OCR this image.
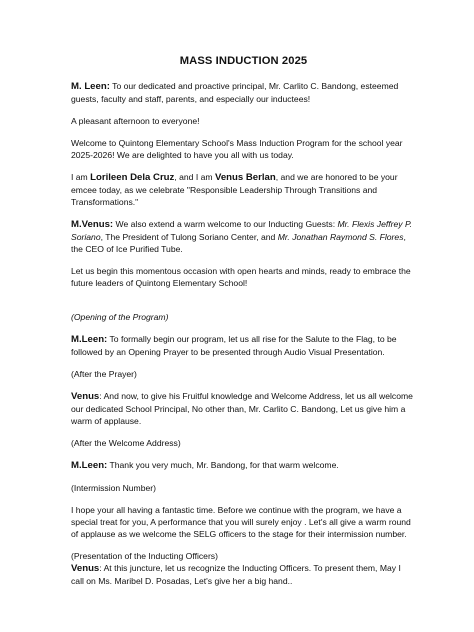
MASS INDUCTION 2025

M. Leen: To our dedicated and proactive principal, Mr. Carlito C. Bandong, esteemed guests, faculty and staff, parents, and especially our inductees!

A pleasant afternoon to everyone!

Welcome to Quintong Elementary School's Mass Induction Program for the school year 2025-2026! We are delighted to have you all with us today.

I am Lorileen Dela Cruz, and I am Venus Berlan, and we are honored to be your emcee today, as we celebrate "Responsible Leadership Through Transitions and Transformations."

M.Venus: We also extend a warm welcome to our Inducting Guests: Mr. Flexis Jeffrey P. Soriano, The President of Tulong Soriano Center, and Mr. Jonathan Raymond S. Flores, the CEO of Ice Purified Tube.

Let us begin this momentous occasion with open hearts and minds, ready to embrace the future leaders of Quintong Elementary School!

(Opening of the Program)

M.Leen: To formally begin our program, let us all rise for the Salute to the Flag, to be followed by an Opening Prayer to be presented through Audio Visual Presentation.

(After the Prayer)

Venus: And now, to give his Fruitful knowledge and Welcome Address, let us all welcome our dedicated School Principal, No other than, Mr. Carlito C. Bandong, Let us give him a warm of applause.

(After the Welcome Address)

M.Leen: Thank you very much, Mr. Bandong, for that warm welcome.

(Intermission Number)

I hope your all having a fantastic time. Before we continue with the program, we have a special treat for you, A performance that you will surely enjoy . Let's all give a warm round of applause as we welcome the SELG officers to the stage for their intermission number.

(Presentation of the Inducting Officers)

Venus: At this juncture, let us recognize the Inducting Officers. To present them, May I call on Ms. Maribel D. Posadas, Let's give her a big hand..
